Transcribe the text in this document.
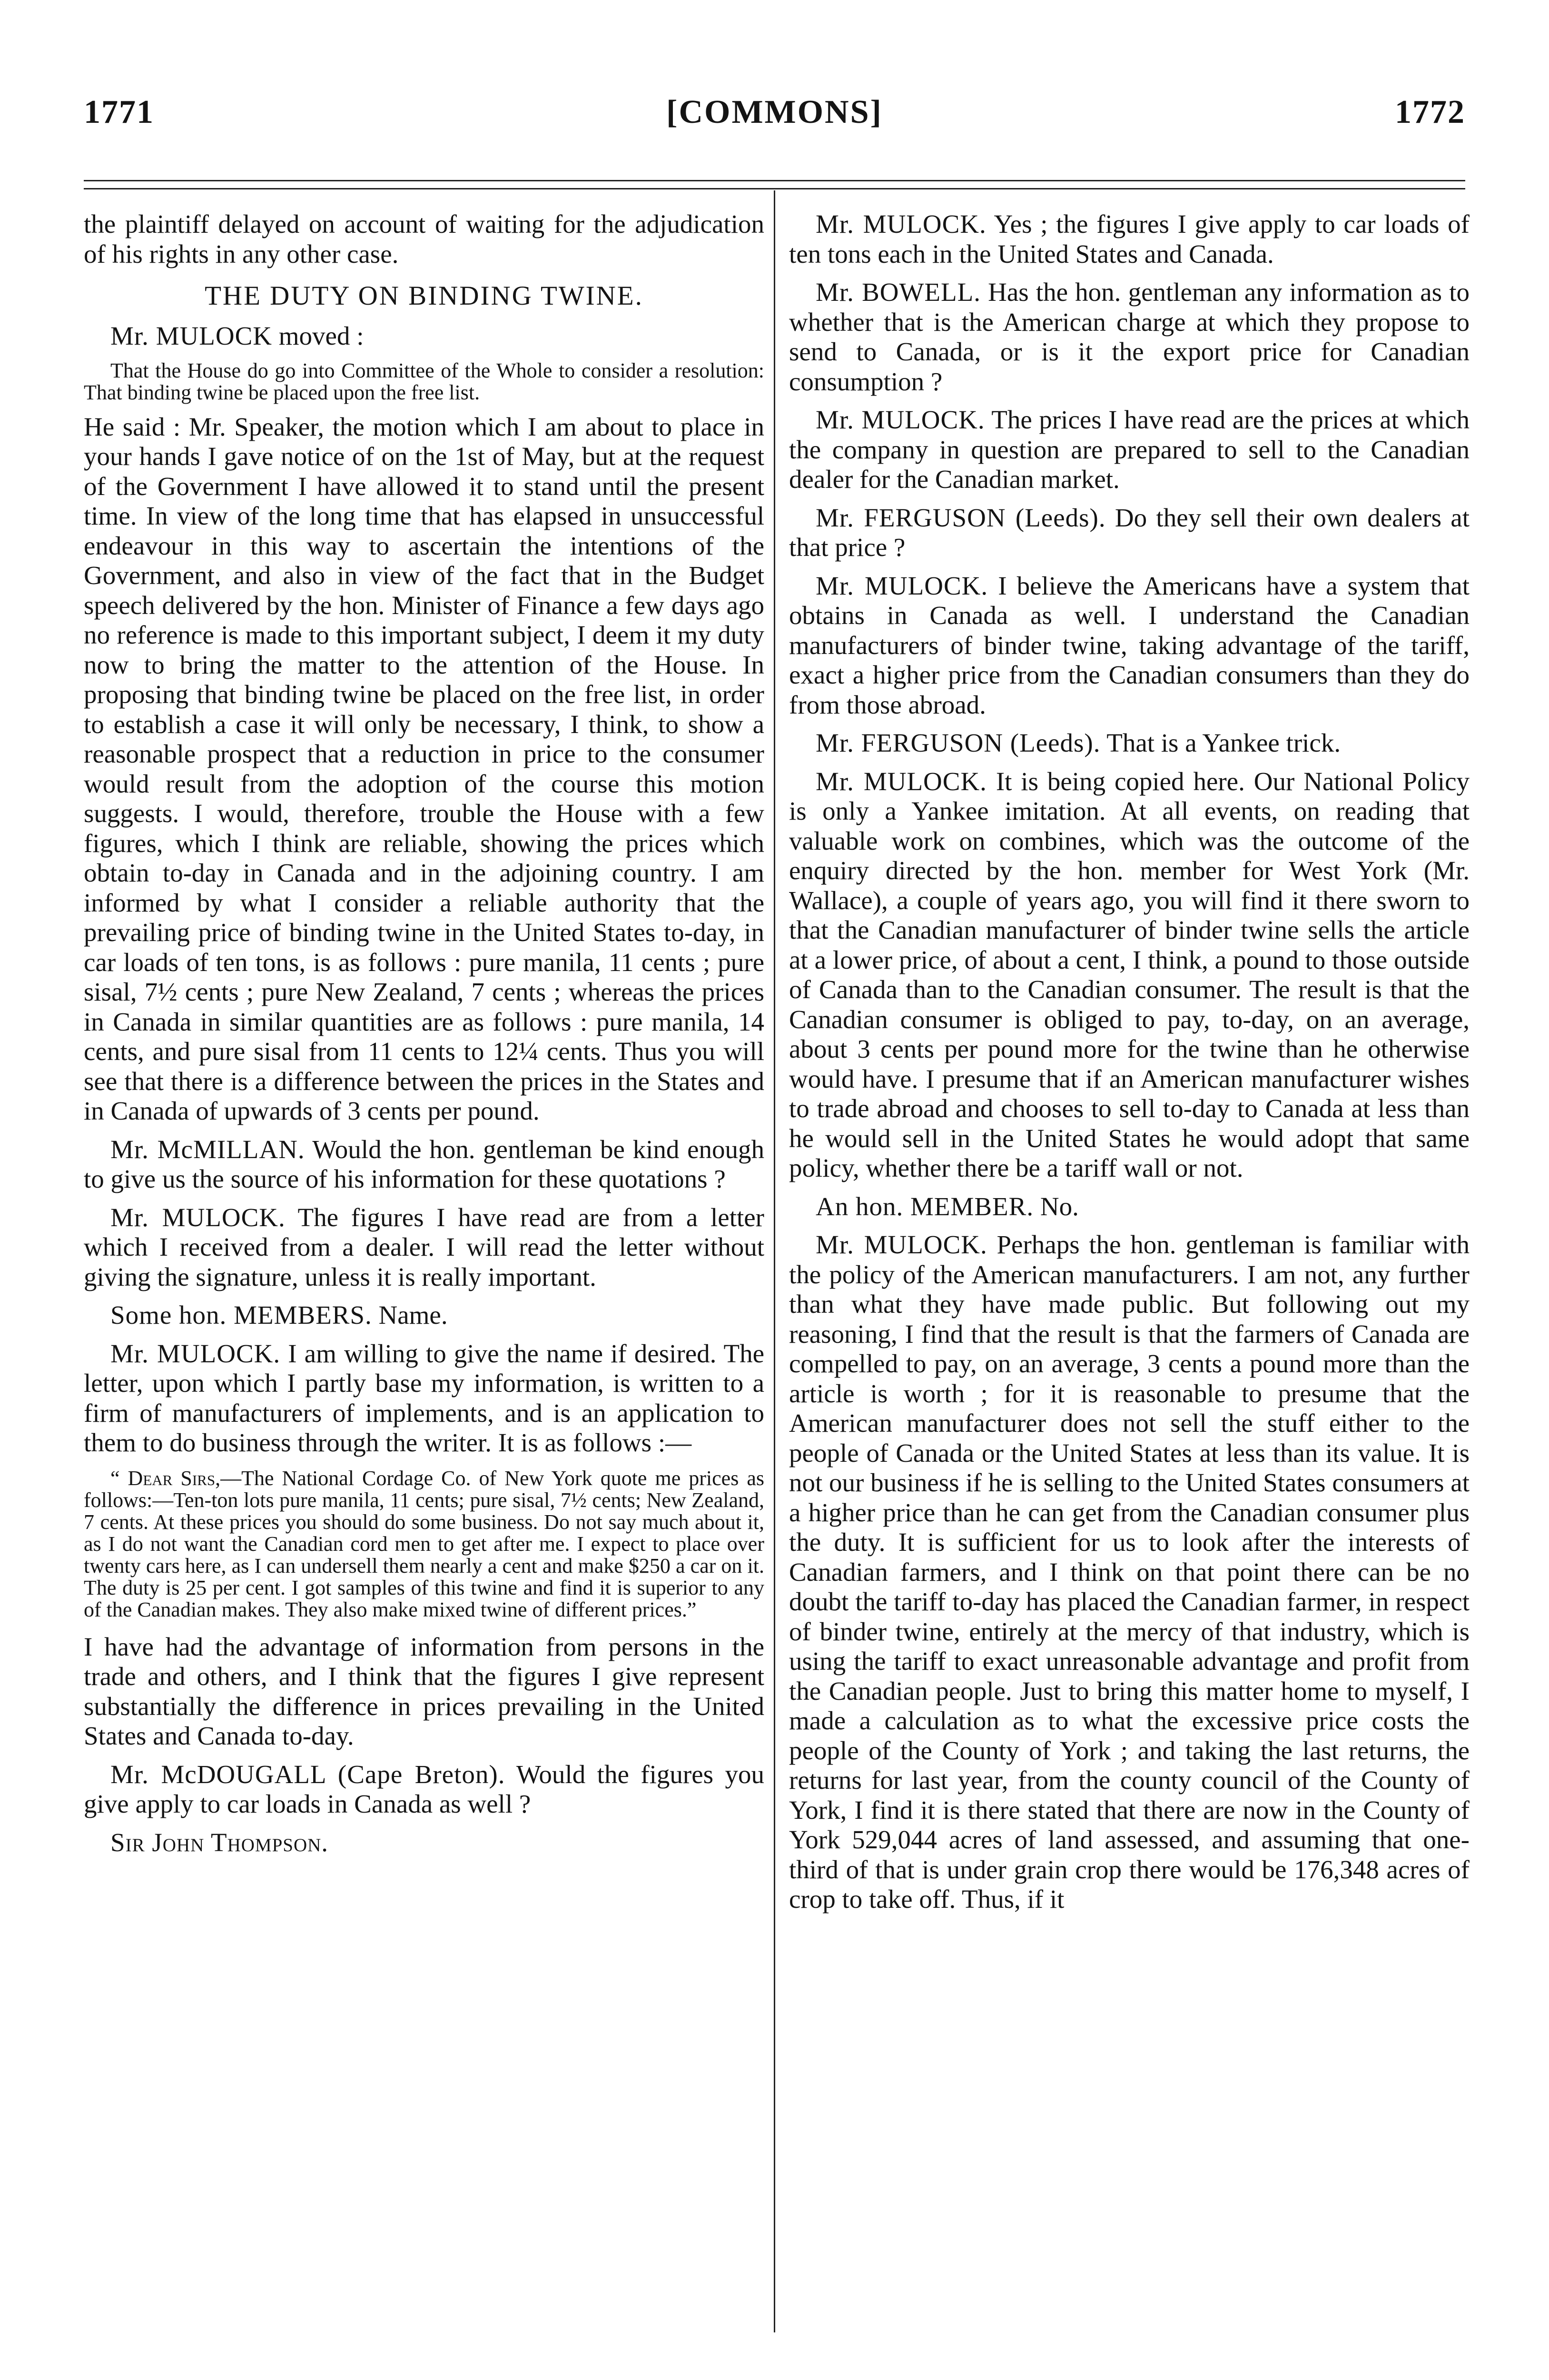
1771	[COMMONS]	1772

the plaintiff delayed on account of waiting for the adjudication of his rights in any other case.

THE DUTY ON BINDING TWINE.

Mr. MULOCK moved :

That the House do go into Committee of the Whole to consider a resolution: That binding twine be placed upon the free list.

He said : Mr. Speaker, the motion which I am about to place in your hands I gave notice of on the 1st of May, but at the request of the Government I have allowed it to stand until the present time. In view of the long time that has elapsed in unsuccessful endeavour in this way to ascertain the intentions of the Government, and also in view of the fact that in the Budget speech delivered by the hon. Minister of Finance a few days ago no reference is made to this important subject, I deem it my duty now to bring the matter to the attention of the House. In proposing that binding twine be placed on the free list, in order to establish a case it will only be necessary, I think, to show a reasonable prospect that a reduction in price to the consumer would result from the adoption of the course this motion suggests. I would, therefore, trouble the House with a few figures, which I think are reliable, showing the prices which obtain to-day in Canada and in the adjoining country. I am informed by what I consider a reliable authority that the prevailing price of binding twine in the United States to-day, in car loads of ten tons, is as follows : pure manila, 11 cents ; pure sisal, 7½ cents ; pure New Zealand, 7 cents ; whereas the prices in Canada in similar quantities are as follows : pure manila, 14 cents, and pure sisal from 11 cents to 12¼ cents. Thus you will see that there is a difference between the prices in the States and in Canada of upwards of 3 cents per pound.

Mr. McMILLAN. Would the hon. gentleman be kind enough to give us the source of his information for these quotations ?

Mr. MULOCK. The figures I have read are from a letter which I received from a dealer. I will read the letter without giving the signature, unless it is really important.

Some hon. MEMBERS. Name.

Mr. MULOCK. I am willing to give the name if desired. The letter, upon which I partly base my information, is written to a firm of manufacturers of implements, and is an application to them to do business through the writer. It is as follows :—

“ Dear Sirs,—The National Cordage Co. of New York quote me prices as follows:—Ten-ton lots pure manila, 11 cents; pure sisal, 7½ cents; New Zealand, 7 cents. At these prices you should do some business. Do not say much about it, as I do not want the Canadian cord men to get after me. I expect to place over twenty cars here, as I can undersell them nearly a cent and make $250 a car on it. The duty is 25 per cent. I got samples of this twine and find it is superior to any of the Canadian makes. They also make mixed twine of different prices.”

I have had the advantage of information from persons in the trade and others, and I think that the figures I give represent substantially the difference in prices prevailing in the United States and Canada to-day.

Mr. McDOUGALL (Cape Breton). Would the figures you give apply to car loads in Canada as well ?

Sir John Thompson.

Mr. MULOCK. Yes ; the figures I give apply to car loads of ten tons each in the United States and Canada.

Mr. BOWELL. Has the hon. gentleman any information as to whether that is the American charge at which they propose to send to Canada, or is it the export price for Canadian consumption ?

Mr. MULOCK. The prices I have read are the prices at which the company in question are prepared to sell to the Canadian dealer for the Canadian market.

Mr. FERGUSON (Leeds). Do they sell their own dealers at that price ?

Mr. MULOCK. I believe the Americans have a system that obtains in Canada as well. I understand the Canadian manufacturers of binder twine, taking advantage of the tariff, exact a higher price from the Canadian consumers than they do from those abroad.

Mr. FERGUSON (Leeds). That is a Yankee trick.

Mr. MULOCK. It is being copied here. Our National Policy is only a Yankee imitation. At all events, on reading that valuable work on combines, which was the outcome of the enquiry directed by the hon. member for West York (Mr. Wallace), a couple of years ago, you will find it there sworn to that the Canadian manufacturer of binder twine sells the article at a lower price, of about a cent, I think, a pound to those outside of Canada than to the Canadian consumer. The result is that the Canadian consumer is obliged to pay, to-day, on an average, about 3 cents per pound more for the twine than he otherwise would have. I presume that if an American manufacturer wishes to trade abroad and chooses to sell to-day to Canada at less than he would sell in the United States he would adopt that same policy, whether there be a tariff wall or not.

An hon. MEMBER. No.

Mr. MULOCK. Perhaps the hon. gentleman is familiar with the policy of the American manufacturers. I am not, any further than what they have made public. But following out my reasoning, I find that the result is that the farmers of Canada are compelled to pay, on an average, 3 cents a pound more than the article is worth ; for it is reasonable to presume that the American manufacturer does not sell the stuff either to the people of Canada or the United States at less than its value. It is not our business if he is selling to the United States consumers at a higher price than he can get from the Canadian consumer plus the duty. It is sufficient for us to look after the interests of Canadian farmers, and I think on that point there can be no doubt the tariff to-day has placed the Canadian farmer, in respect of binder twine, entirely at the mercy of that industry, which is using the tariff to exact unreasonable advantage and profit from the Canadian people. Just to bring this matter home to myself, I made a calculation as to what the excessive price costs the people of the County of York ; and taking the last returns, the returns for last year, from the county council of the County of York, I find it is there stated that there are now in the County of York 529,044 acres of land assessed, and assuming that one-third of that is under grain crop there would be 176,348 acres of crop to take off. Thus, if it
